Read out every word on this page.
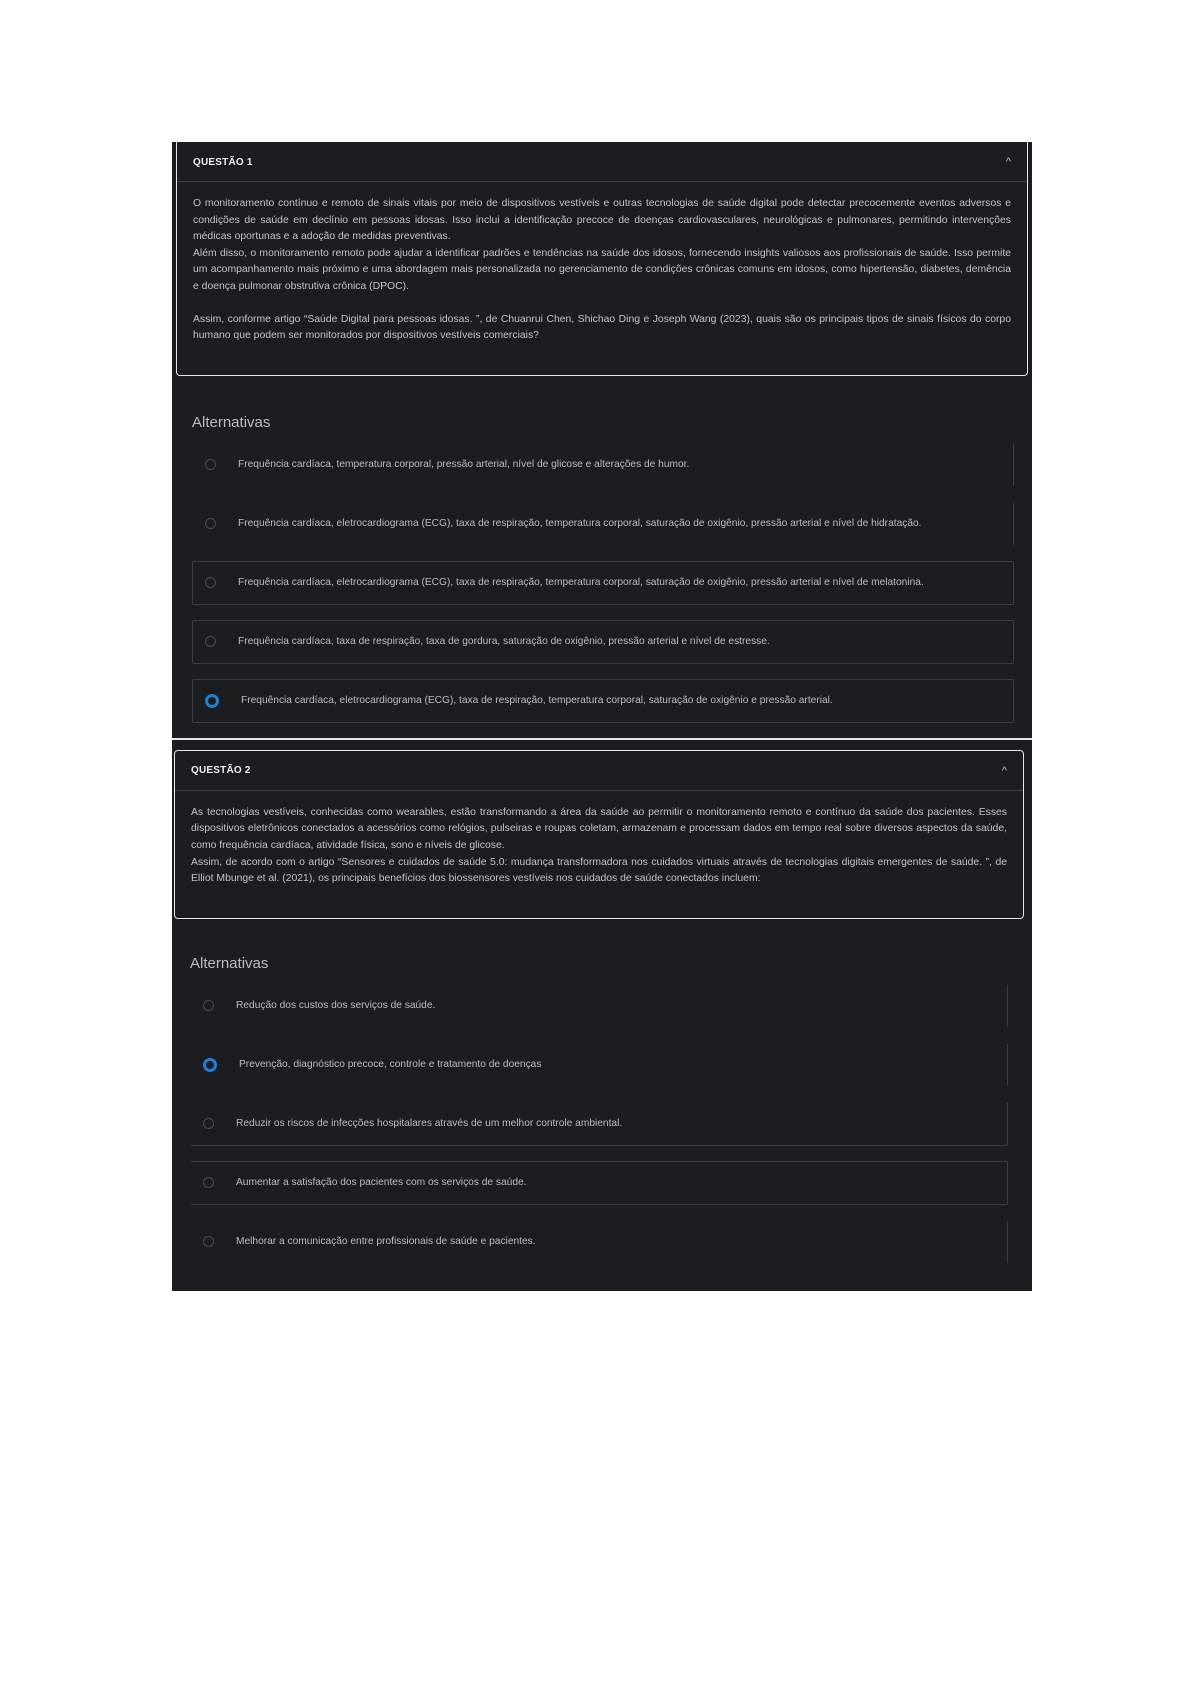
QUESTÃO 1	^

O monitoramento contínuo e remoto de sinais vitais por meio de dispositivos vestíveis e outras tecnologias de saúde digital pode detectar precocemente eventos adversos e condições de saúde em declínio em pessoas idosas. Isso inclui a identificação precoce de doenças cardiovasculares, neurológicas e pulmonares, permitindo intervenções médicas oportunas e a adoção de medidas preventivas.

Além disso, o monitoramento remoto pode ajudar a identificar padrões e tendências na saúde dos idosos, fornecendo insights valiosos aos profissionais de saúde. Isso permite um acompanhamento mais próximo e uma abordagem mais personalizada no gerenciamento de condições crônicas comuns em idosos, como hipertensão, diabetes, demência e doença pulmonar obstrutiva crônica (DPOC).

Assim, conforme artigo “Saúde Digital para pessoas idosas. ”, de Chuanrui Chen, Shichao Ding e Joseph Wang (2023), quais são os principais tipos de sinais físicos do corpo humano que podem ser monitorados por dispositivos vestíveis comerciais?

Alternativas
Frequência cardíaca, temperatura corporal, pressão arterial, nível de glicose e alterações de humor.
Frequência cardíaca, eletrocardiograma (ECG), taxa de respiração, temperatura corporal, saturação de oxigênio, pressão arterial e nível de hidratação.
Frequência cardíaca, eletrocardiograma (ECG), taxa de respiração, temperatura corporal, saturação de oxigênio, pressão arterial e nível de melatonina.
Frequência cardíaca, taxa de respiração, taxa de gordura, saturação de oxigênio, pressão arterial e nível de estresse.
Frequência cardíaca, eletrocardiograma (ECG), taxa de respiração, temperatura corporal, saturação de oxigênio e pressão arterial.
QUESTÃO 2	^

As tecnologias vestíveis, conhecidas como wearables, estão transformando a área da saúde ao permitir o monitoramento remoto e contínuo da saúde dos pacientes. Esses dispositivos eletrônicos conectados a acessórios como relógios, pulseiras e roupas coletam, armazenam e processam dados em tempo real sobre diversos aspectos da saúde, como frequência cardíaca, atividade física, sono e níveis de glicose.

Assim, de acordo com o artigo “Sensores e cuidados de saúde 5.0: mudança transformadora nos cuidados virtuais através de tecnologias digitais emergentes de saúde. ”, de Elliot Mbunge et al. (2021), os principais benefícios dos biossensores vestíveis nos cuidados de saúde conectados incluem:

Alternativas
Redução dos custos dos serviços de saúde.
Prevenção, diagnóstico precoce, controle e tratamento de doenças
Reduzir os riscos de infecções hospitalares através de um melhor controle ambiental.
Aumentar a satisfação dos pacientes com os serviços de saúde.
Melhorar a comunicação entre profissionais de saúde e pacientes.
